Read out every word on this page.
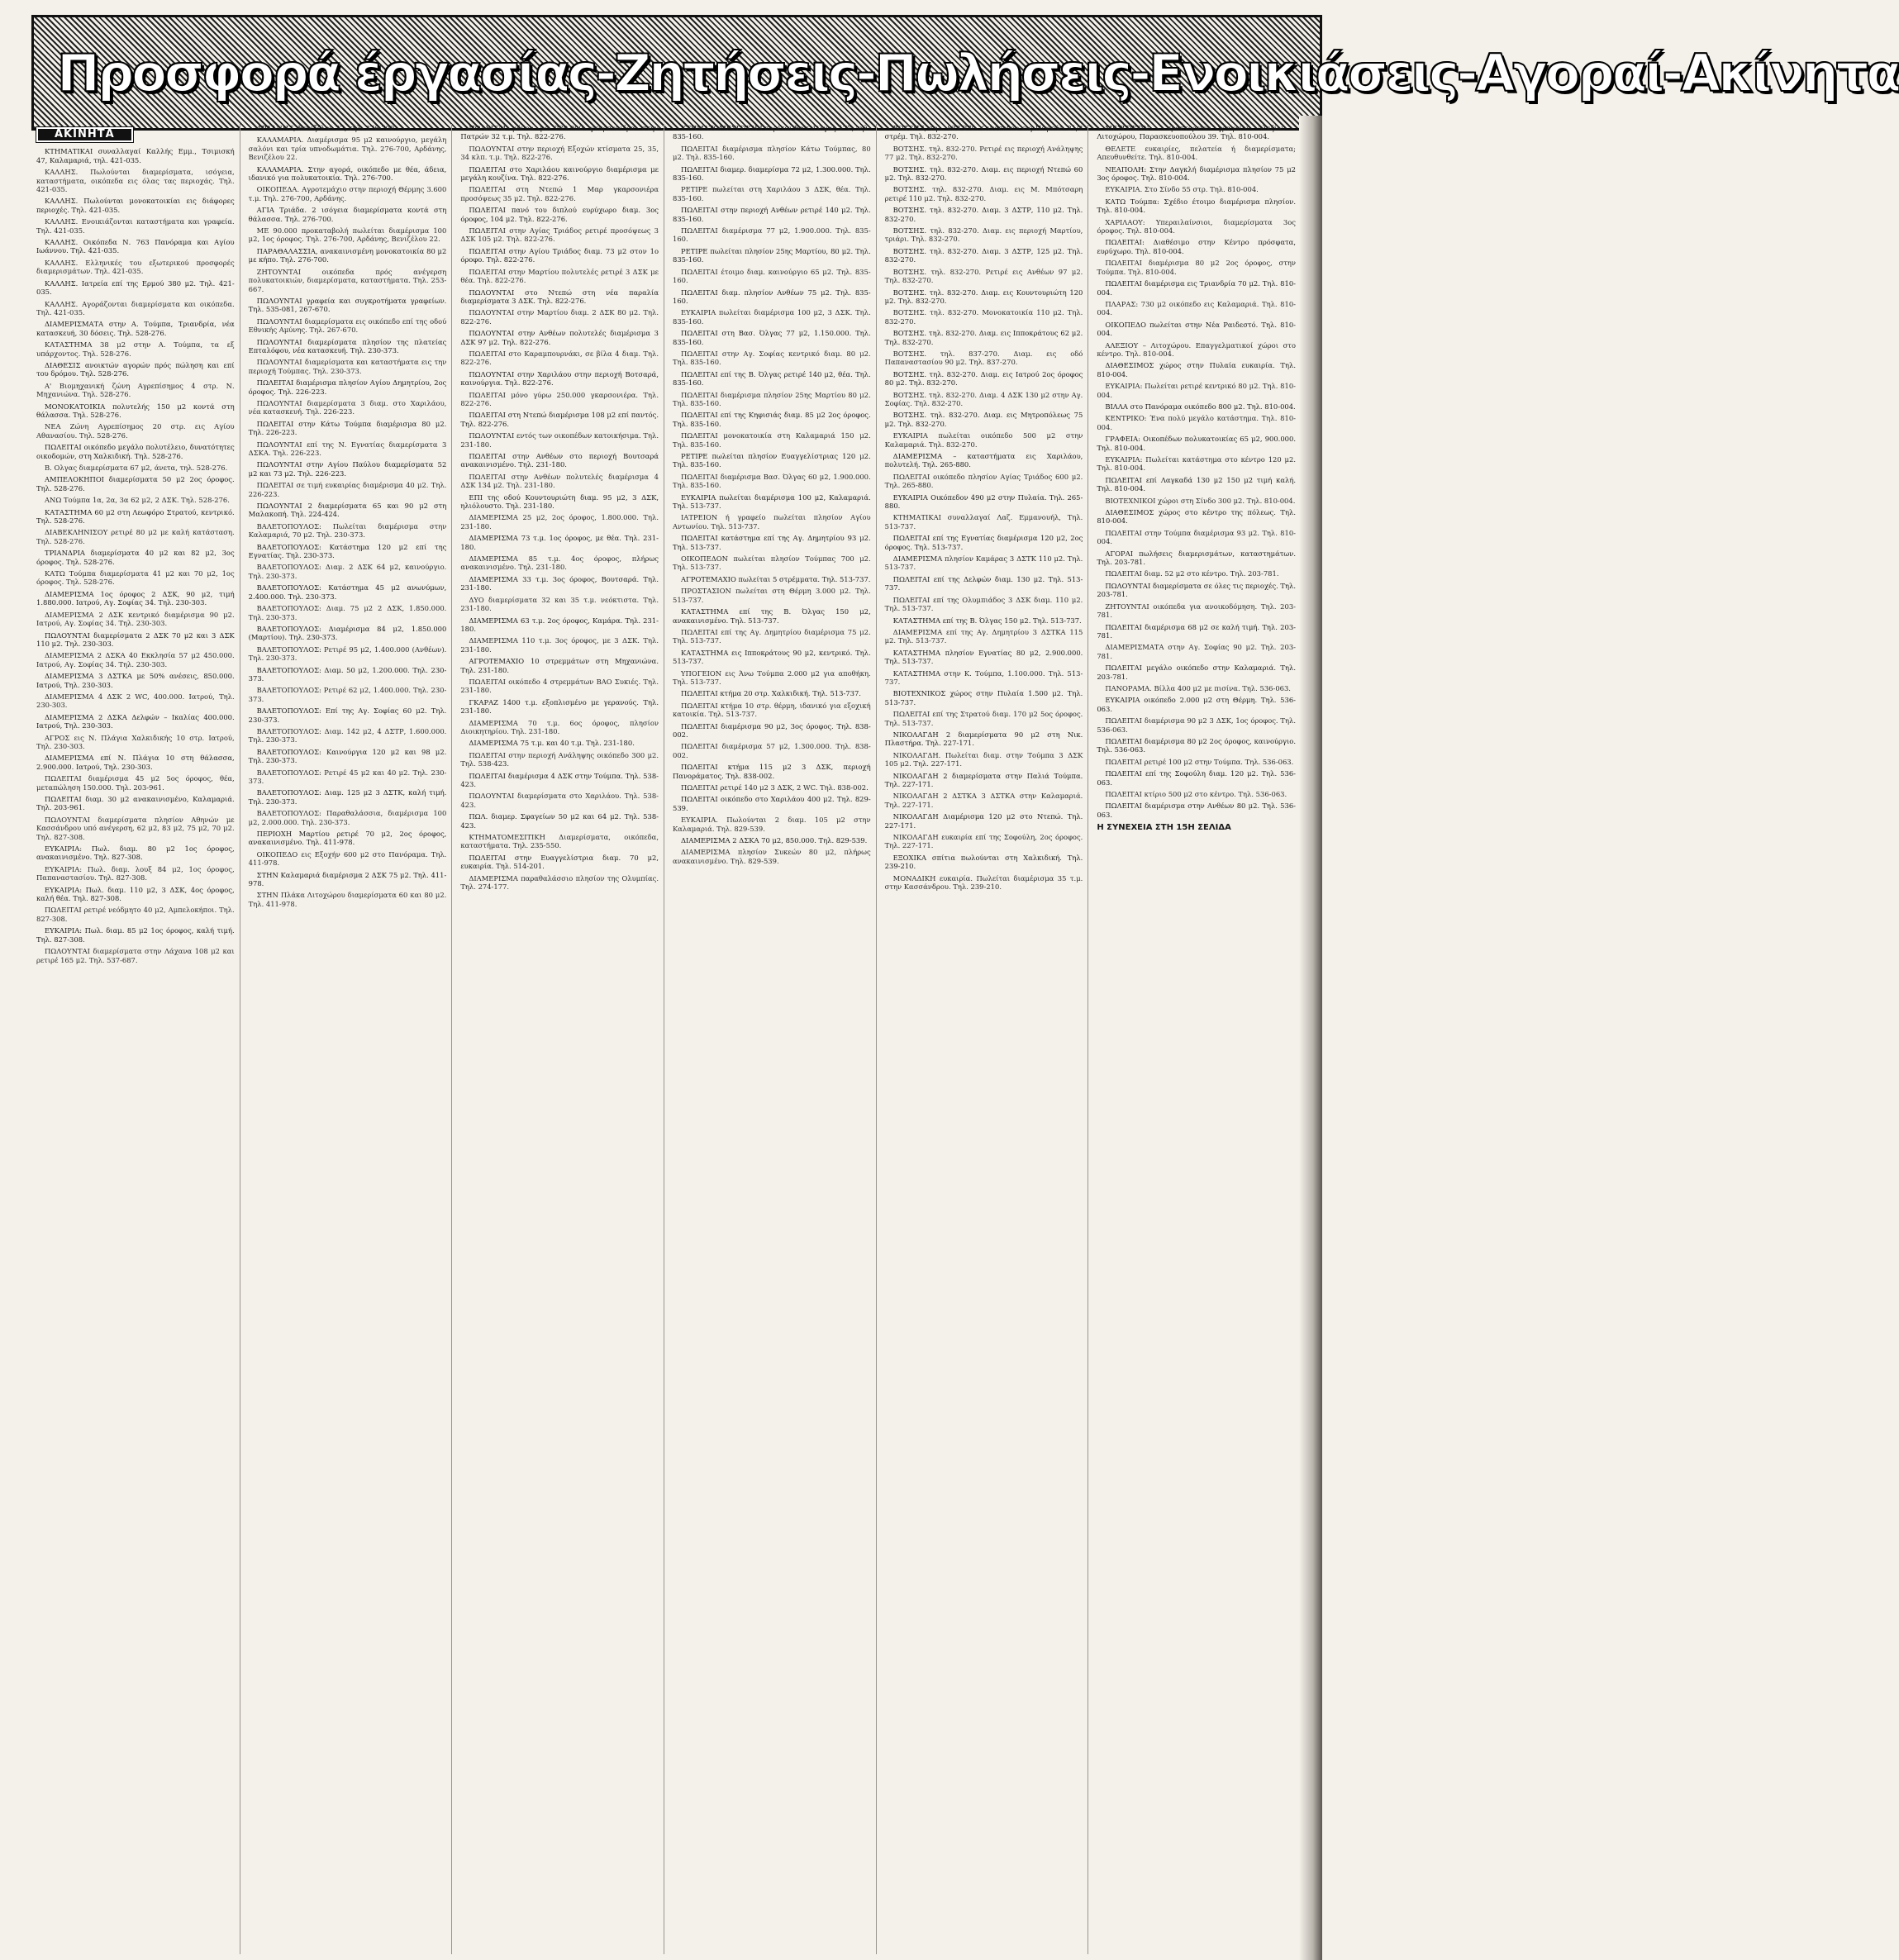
Προσφορά έργασίας-Ζητήσεις-Πωλήσεις-Ενοικιάσεις-Αγοραί-Ακίνητα
ΑΚΙΝΗΤΑ

ΚΤΗΜΑΤΙΚΑΙ συναλλαγαί Καλλής Εμμ., Τσιμισκή 47, Καλαμαριά, τηλ. 421-035.

ΚΑΛΛΗΣ. Πωλούνται διαμερίσματα, ισόγεια, καταστήματα, οικόπεδα εις όλας τας περιοχάς. Τηλ. 421-035.

ΚΑΛΛΗΣ. Πωλούνται μονοκατοικίαι εις διάφορες περιοχές. Τηλ. 421-035.

ΚΑΛΛΗΣ. Ενοικιάζονται καταστήματα και γραφεία. Τηλ. 421-035.

ΚΑΛΛΗΣ. Οικόπεδα Ν. 763 Πανόραμα και Αγίου Ιωάννου. Τηλ. 421-035.

ΚΑΛΛΗΣ. Ελληνικές του εξωτερικού προσφορές διαμερισμάτων. Τηλ. 421-035.

ΚΑΛΛΗΣ. Ιατρεία επί της Ερμού 380 μ2. Τηλ. 421-035.

ΚΑΛΛΗΣ. Αγοράζονται διαμερίσματα και οικόπεδα. Τηλ. 421-035.

ΔΙΑΜΕΡΙΣΜΑΤΑ στην Α. Τούμπα, Τριανδρία, νέα κατασκευή, 30 δόσεις. Τηλ. 528-276.

ΚΑΤΑΣΤΗΜΑ 38 μ2 στην Α. Τούμπα, τα εξ υπάρχοντος. Τηλ. 528-276.

ΔΙΑΘΕΣΙΣ ανοικτών αγορών πρός πώληση και επί του δρόμου. Τηλ. 528-276.

Α' Βιομηχανική ζώνη Αγρεπίσημος 4 στρ. Ν. Μηχανιώνα. Τηλ. 528-276.

ΜΟΝΟΚΑΤΟΙΚΙΑ πολυτελής 150 μ2 κοντά στη θάλασσα. Τηλ. 528-276.

ΝΕΑ Ζώνη Αγρεπίσημος 20 στρ. εις Αγίου Αθανασίου. Τηλ. 528-276.

ΠΩΛΕΙΤΑΙ οικόπεδο μεγάλο πολυτέλειο, δυνατότητες οικοδομών, στη Χαλκιδική. Τηλ. 528-276.

Β. Ολγας διαμερίσματα 67 μ2, άνετα, τηλ. 528-276.

ΑΜΠΕΛΟΚΗΠΟΙ διαμερίσματα 50 μ2 2ος όροφος. Τηλ. 528-276.

ΑΝΩ Τούμπα 1α, 2α, 3α 62 μ2, 2 ΔΣΚ. Τηλ. 528-276.

ΚΑΤΑΣΤΗΜΑ 60 μ2 στη Λεωφόρο Στρατού, κεντρικό. Τηλ. 528-276.

ΔΙΑΒΕΚΛΗΝΙΣΟΥ ρετιρέ 80 μ2 με καλή κατάσταση. Τηλ. 528-276.

ΤΡΙΑΝΔΡΙΑ διαμερίσματα 40 μ2 και 82 μ2, 3ος όροφος. Τηλ. 528-276.

ΚΑΤΩ Τούμπα διαμερίσματα 41 μ2 και 70 μ2, 1ος όροφος. Τηλ. 528-276.

ΔΙΑΜΕΡΙΣΜΑ 1ος όροφος 2 ΔΣΚ, 90 μ2, τιμή 1.880.000. Ιατρού, Αγ. Σοφίας 34. Τηλ. 230-303.

ΔΙΑΜΕΡΙΣΜΑ 2 ΔΣΚ κεντρικό διαμέρισμα 90 μ2. Ιατρού, Αγ. Σοφίας 34. Τηλ. 230-303.

ΠΩΛΟΥΝΤΑΙ διαμερίσματα 2 ΔΣΚ 70 μ2 και 3 ΔΣΚ 110 μ2. Τηλ. 230-303.

ΔΙΑΜΕΡΙΣΜΑ 2 ΔΣΚΑ 40 Εκκλησία 57 μ2 450.000. Ιατρού, Αγ. Σοφίας 34. Τηλ. 230-303.

ΔΙΑΜΕΡΙΣΜΑ 3 ΔΣΤΚΑ με 50% ανέσεις, 850.000. Ιατρού, Τηλ. 230-303.

ΔΙΑΜΕΡΙΣΜΑ 4 ΔΣΚ 2 WC, 400.000. Ιατρού, Τηλ. 230-303.

ΔΙΑΜΕΡΙΣΜΑ 2 ΔΣΚΑ Δελφών – Ικαλίας 400.000. Ιατρού, Τηλ. 230-303.

ΑΓΡΟΣ εις Ν. Πλάγια Χαλκιδικής 10 στρ. Ιατρού, Τηλ. 230-303.

ΔΙΑΜΕΡΙΣΜΑ επί Ν. Πλάγια 10 στη θάλασσα, 2.900.000. Ιατρού, Τηλ. 230-303.

ΠΩΛΕΙΤΑΙ διαμέρισμα 45 μ2 5ος όροφος, θέα, μεταπώληση 150.000. Τηλ. 203-961.

ΠΩΛΕΙΤΑΙ διαμ. 30 μ2 ανακαινισμένο, Καλαμαριά. Τηλ. 203-961.

ΠΩΛΟΥΝΤΑΙ διαμερίσματα πλησίον Αθηνών με Κασσάνδρου υπό ανέγερση, 62 μ2, 83 μ2, 75 μ2, 70 μ2. Τηλ. 827-308.

ΕΥΚΑΙΡΙΑ: Πωλ. διαμ. 80 μ2 1ος όροφος, ανακαινισμένο. Τηλ. 827-308.

ΕΥΚΑΙΡΙΑ: Πωλ. διαμ. λουξ 84 μ2, 1ος όροφος, Παπαναστασίου. Τηλ. 827-308.

ΕΥΚΑΙΡΙΑ: Πωλ. διαμ. 110 μ2, 3 ΔΣΚ, 4ος όροφος, καλή θέα. Τηλ. 827-308.

ΠΩΛΕΙΤΑΙ ρετιρέ νεόδμητο 40 μ2, Αμπελοκήποι. Τηλ. 827-308.

ΕΥΚΑΙΡΙΑ: Πωλ. διαμ. 85 μ2 1ος όροφος, καλή τιμή. Τηλ. 827-308.

ΠΩΛΟΥΝΤΑΙ διαμερίσματα στην Λάχανα 108 μ2 και ρετιρέ 165 μ2. Τηλ. 537-687.

ΑΡΔΑΝΗΣ, Βενιζέλου 22, τηλ. 276-700.

ΚΑΛΑΜΑΡΙΑ. Διαμέρισμα 95 μ2 καινούργιο, μεγάλη σαλόνι και τρία υπνοδωμάτια. Τηλ. 276-700, Αρδάνης, Βενιζέλου 22.

ΚΑΛΑΜΑΡΙΑ. Στην αγορά, οικόπεδο με θέα, άδεια, ιδανικό για πολυκατοικία. Τηλ. 276-700.

ΟΙΚΟΠΕΔΑ. Αγροτεμάχιο στην περιοχή Θέρμης 3.600 τ.μ. Τηλ. 276-700, Αρδάνης.

ΑΓΙΑ Τριάδα. 2 ισόγεια διαμερίσματα κοντά στη θάλασσα. Τηλ. 276-700.

ΜΕ 90.000 προκαταβολή πωλείται διαμέρισμα 100 μ2, 1ος όροφος. Τηλ. 276-700, Αρδάνης, Βενιζέλου 22.

ΠΑΡΑΘΑΛΑΣΣΙΑ, ανακαινισμένη μονοκατοικία 80 μ2 με κήπο. Τηλ. 276-700.

ΖΗΤΟΥΝΤΑΙ οικόπεδα πρός ανέγερση πολυκατοικιών, διαμερίσματα, καταστήματα. Τηλ. 253-667.

ΠΩΛΟΥΝΤΑΙ γραφεία και συγκροτήματα γραφείων. Τηλ. 535-081, 267-670.

ΠΩΛΟΥΝΤΑΙ διαμερίσματα εις οικόπεδο επί της οδού Εθνικής Αμύνης. Τηλ. 267-670.

ΠΩΛΟΥΝΤΑΙ διαμερίσματα πλησίον της πλατείας Επταλόφου, νέα κατασκευή. Τηλ. 230-373.

ΠΩΛΟΥΝΤΑΙ διαμερίσματα και καταστήματα εις την περιοχή Τούμπας. Τηλ. 230-373.

ΠΩΛΕΙΤΑΙ διαμέρισμα πλησίον Αγίου Δημητρίου, 2ος όροφος. Τηλ. 226-223.

ΠΩΛΟΥΝΤΑΙ διαμερίσματα 3 διαμ. στο Χαριλάου, νέα κατασκευή. Τηλ. 226-223.

ΠΩΛΕΙΤΑΙ στην Κάτω Τούμπα διαμέρισμα 80 μ2. Τηλ. 226-223.

ΠΩΛΟΥΝΤΑΙ επί της Ν. Εγνατίας διαμερίσματα 3 ΔΣΚΑ. Τηλ. 226-223.

ΠΩΛΟΥΝΤΑΙ στην Αγίου Παύλου διαμερίσματα 52 μ2 και 73 μ2. Τηλ. 226-223.

ΠΩΛΕΙΤΑΙ σε τιμή ευκαιρίας διαμέρισμα 40 μ2. Τηλ. 226-223.

ΠΩΛΟΥΝΤΑΙ 2 διαμερίσματα 65 και 90 μ2 στη Μαλακοπή. Τηλ. 224-424.

ΒΑΛΕΤΟΠΟΥΛΟΣ: Πωλείται διαμέρισμα στην Καλαμαριά, 70 μ2. Τηλ. 230-373.

ΒΑΛΕΤΟΠΟΥΛΟΣ: Κατάστημα 120 μ2 επί της Εγνατίας. Τηλ. 230-373.

ΒΑΛΕΤΟΠΟΥΛΟΣ: Διαμ. 2 ΔΣΚ 64 μ2, καινούργιο. Τηλ. 230-373.

ΒΑΛΕΤΟΠΟΥΛΟΣ: Κατάστημα 45 μ2 ανωνύμων, 2.400.000. Τηλ. 230-373.

ΒΑΛΕΤΟΠΟΥΛΟΣ: Διαμ. 75 μ2 2 ΔΣΚ, 1.850.000. Τηλ. 230-373.

ΒΑΛΕΤΟΠΟΥΛΟΣ: Διαμέρισμα 84 μ2, 1.850.000 (Μαρτίου). Τηλ. 230-373.

ΒΑΛΕΤΟΠΟΥΛΟΣ: Ρετιρέ 95 μ2, 1.400.000 (Ανθέων). Τηλ. 230-373.

ΒΑΛΕΤΟΠΟΥΛΟΣ: Διαμ. 50 μ2, 1.200.000. Τηλ. 230-373.

ΒΑΛΕΤΟΠΟΥΛΟΣ: Ρετιρέ 62 μ2, 1.400.000. Τηλ. 230-373.

ΒΑΛΕΤΟΠΟΥΛΟΣ: Επί της Αγ. Σοφίας 60 μ2. Τηλ. 230-373.

ΒΑΛΕΤΟΠΟΥΛΟΣ: Διαμ. 142 μ2, 4 ΔΣΤΡ, 1.600.000. Τηλ. 230-373.

ΒΑΛΕΤΟΠΟΥΛΟΣ: Καινούργια 120 μ2 και 98 μ2. Τηλ. 230-373.

ΒΑΛΕΤΟΠΟΥΛΟΣ: Ρετιρέ 45 μ2 και 40 μ2. Τηλ. 230-373.

ΒΑΛΕΤΟΠΟΥΛΟΣ: Διαμ. 125 μ2 3 ΔΣΤΚ, καλή τιμή. Τηλ. 230-373.

ΒΑΛΕΤΟΠΟΥΛΟΣ: Παραθαλάσσια, διαμέρισμα 100 μ2, 2.000.000. Τηλ. 230-373.

ΠΕΡΙΟΧΗ Μαρτίου ρετιρέ 70 μ2, 2ος όροφος, ανακαινισμένο. Τηλ. 411-978.

ΟΙΚΟΠΕΔΟ εις Εξοχήν 600 μ2 στο Πανόραμα. Τηλ. 411-978.

ΣΤΗΝ Καλαμαριά διαμέρισμα 2 ΔΣΚ 75 μ2. Τηλ. 411-978.

ΣΤΗΝ Πλάκα Λιτοχώρου διαμερίσματα 60 και 80 μ2. Τηλ. 411-978.

ΠΩΛΕΙΤΑΙ μόνον με 230.000 γκαρσονιέρα στην Πατρών 32 τ.μ. Τηλ. 822-276.

ΠΩΛΟΥΝΤΑΙ στην περιοχή Εξοχών κτίσματα 25, 35, 34 κλπ. τ.μ. Τηλ. 822-276.

ΠΩΛΕΙΤΑΙ στο Χαριλάου καινούργιο διαμέρισμα με μεγάλη κουζίνα. Τηλ. 822-276.

ΠΩΛΕΙΤΑΙ στη Ντεπώ 1 Μαρ γκαρσονιέρα προσόψεως 35 μ2. Τηλ. 822-276.

ΠΩΛΕΙΤΑΙ πανό του διπλού ευρύχωρο διαμ. 3ος όροφος, 104 μ2. Τηλ. 822-276.

ΠΩΛΕΙΤΑΙ στην Αγίας Τριάδος ρετιρέ προσόψεως 3 ΔΣΚ 105 μ2. Τηλ. 822-276.

ΠΩΛΕΙΤΑΙ στην Αγίου Τριάδος διαμ. 73 μ2 στον 1ο όροφο. Τηλ. 822-276.

ΠΩΛΕΙΤΑΙ στην Μαρτίου πολυτελές ρετιρέ 3 ΔΣΚ με θέα. Τηλ. 822-276.

ΠΩΛΟΥΝΤΑΙ στο Ντεπώ στη νέα παραλία διαμερίσματα 3 ΔΣΚ. Τηλ. 822-276.

ΠΩΛΟΥΝΤΑΙ στην Μαρτίου διαμ. 2 ΔΣΚ 80 μ2. Τηλ. 822-276.

ΠΩΛΟΥΝΤΑΙ στην Ανθέων πολυτελές διαμέρισμα 3 ΔΣΚ 97 μ2. Τηλ. 822-276.

ΠΩΛΕΙΤΑΙ στο Καραμπουρνάκι, σε βίλα 4 διαμ. Τηλ. 822-276.

ΠΩΛΟΥΝΤΑΙ στην Χαριλάου στην περιοχή Βοτσαρά, καινούργια. Τηλ. 822-276.

ΠΩΛΕΙΤΑΙ μόνο γύρω 250.000 γκαρσονιέρα. Τηλ. 822-276.

ΠΩΛΕΙΤΑΙ στη Ντεπώ διαμέρισμα 108 μ2 επί παντός. Τηλ. 822-276.

ΠΩΛΟΥΝΤΑΙ εντός των οικοπέδων κατοικήσιμα. Τηλ. 231-180.

ΠΩΛΕΙΤΑΙ στην Ανθέων στο περιοχή Βουτσαρά ανακαινισμένο. Τηλ. 231-180.

ΠΩΛΕΙΤΑΙ στην Ανθέων πολυτελές διαμέρισμα 4 ΔΣΚ 134 μ2. Τηλ. 231-180.

ΕΠΙ της οδού Κουντουριώτη διαμ. 95 μ2, 3 ΔΣΚ, ηλιόλουστο. Τηλ. 231-180.

ΔΙΑΜΕΡΙΣΜΑ 25 μ2, 2ος όροφος, 1.800.000. Τηλ. 231-180.

ΔΙΑΜΕΡΙΣΜΑ 73 τ.μ. 1ος όροφος, με θέα. Τηλ. 231-180.

ΔΙΑΜΕΡΙΣΜΑ 85 τ.μ. 4ος όροφος, πλήρως ανακαινισμένο. Τηλ. 231-180.

ΔΙΑΜΕΡΙΣΜΑ 33 τ.μ. 3ος όροφος, Βουτσαρά. Τηλ. 231-180.

ΔΥΟ διαμερίσματα 32 και 35 τ.μ. νεόκτιστα. Τηλ. 231-180.

ΔΙΑΜΕΡΙΣΜΑ 63 τ.μ. 2ος όροφος, Καμάρα. Τηλ. 231-180.

ΔΙΑΜΕΡΙΣΜΑ 110 τ.μ. 3ος όροφος, με 3 ΔΣΚ. Τηλ. 231-180.

ΑΓΡΟΤΕΜΑΧΙΟ 10 στρεμμάτων στη Μηχανιώνα. Τηλ. 231-180.

ΠΩΛΕΙΤΑΙ οικόπεδο 4 στρεμμάτων ΒΑΟ Συκιές. Τηλ. 231-180.

ΓΚΑΡΑΖ 1400 τ.μ. εξοπλισμένο με γερανούς. Τηλ. 231-180.

ΔΙΑΜΕΡΙΣΜΑ 70 τ.μ. 6ος όροφος, πλησίον Διοικητηρίου. Τηλ. 231-180.

ΔΙΑΜΕΡΙΣΜΑ 75 τ.μ. και 40 τ.μ. Τηλ. 231-180.

ΠΩΛΕΙΤΑΙ στην περιοχή Ανάληψης οικόπεδο 300 μ2. Τηλ. 538-423.

ΠΩΛΕΙΤΑΙ διαμέρισμα 4 ΔΣΚ στην Τούμπα. Τηλ. 538-423.

ΠΩΛΟΥΝΤΑΙ διαμερίσματα στο Χαριλάου. Τηλ. 538-423.

ΠΩΛ. διαμερ. Σφαγείων 50 μ2 και 64 μ2. Τηλ. 538-423.

ΚΤΗΜΑΤΟΜΕΣΙΤΙΚΗ Διαμερίσματα, οικόπεδα, καταστήματα. Τηλ. 235-550.

ΠΩΛΕΙΤΑΙ στην Ευαγγελίστρια διαμ. 70 μ2, ευκαιρία. Τηλ. 514-201.

ΔΙΑΜΕΡΙΣΜΑ παραθαλάσσιο πλησίον της Ολυμπίας. Τηλ. 274-177.

ΚΤΗΜΑΤΟΜΕΣΙΤΙΚΗ Γκορέτσι Βασ. Όλγας 177, τηλ. 835-160.

ΠΩΛΕΙΤΑΙ διαμέρισμα πλησίον Κάτω Τούμπας, 80 μ2. Τηλ. 835-160.

ΠΩΛΕΙΤΑΙ διαμερ. διαμερίσμα 72 μ2, 1.300.000. Τηλ. 835-160.

ΡΕΤΙΡΕ πωλείται στη Χαριλάου 3 ΔΣΚ, θέα. Τηλ. 835-160.

ΠΩΛΕΙΤΑΙ στην περιοχή Ανθέων ρετιρέ 140 μ2. Τηλ. 835-160.

ΠΩΛΕΙΤΑΙ διαμέρισμα 77 μ2, 1.900.000. Τηλ. 835-160.

ΡΕΤΙΡΕ πωλείται πλησίον 25ης Μαρτίου, 80 μ2. Τηλ. 835-160.

ΠΩΛΕΙΤΑΙ έτοιμο διαμ. καινούργιο 65 μ2. Τηλ. 835-160.

ΠΩΛΕΙΤΑΙ διαμ. πλησίον Ανθέων 75 μ2. Τηλ. 835-160.

ΕΥΚΑΙΡΙΑ πωλείται διαμέρισμα 100 μ2, 3 ΔΣΚ. Τηλ. 835-160.

ΠΩΛΕΙΤΑΙ στη Βασ. Όλγας 77 μ2, 1.150.000. Τηλ. 835-160.

ΠΩΛΕΙΤΑΙ στην Αγ. Σοφίας κεντρικό διαμ. 80 μ2. Τηλ. 835-160.

ΠΩΛΕΙΤΑΙ επί της Β. Όλγας ρετιρέ 140 μ2, θέα. Τηλ. 835-160.

ΠΩΛΕΙΤΑΙ διαμέρισμα πλησίον 25ης Μαρτίου 80 μ2. Τηλ. 835-160.

ΠΩΛΕΙΤΑΙ επί της Κηφισιάς διαμ. 85 μ2 2ος όροφος. Τηλ. 835-160.

ΠΩΛΕΙΤΑΙ μονοκατοικία στη Καλαμαριά 150 μ2. Τηλ. 835-160.

ΡΕΤΙΡΕ πωλείται πλησίον Ευαγγελίστριας 120 μ2. Τηλ. 835-160.

ΠΩΛΕΙΤΑΙ διαμέρισμα Βασ. Όλγας 60 μ2, 1.900.000. Τηλ. 835-160.

ΕΥΚΑΙΡΙΑ πωλείται διαμέρισμα 100 μ2, Καλαμαριά. Τηλ. 513-737.

ΙΑΤΡΕΙΟΝ ή γραφείο πωλείται πλησίον Αγίου Αντωνίου. Τηλ. 513-737.

ΠΩΛΕΙΤΑΙ κατάστημα επί της Αγ. Δημητρίου 93 μ2. Τηλ. 513-737.

ΟΙΚΟΠΕΔΟΝ πωλείται πλησίον Τούμπας 700 μ2. Τηλ. 513-737.

ΑΓΡΟΤΕΜΑΧΙΟ πωλείται 5 στρέμματα. Τηλ. 513-737.

ΠΡΟΣΤΑΣΙΟΝ πωλείται στη Θέρμη 3.000 μ2. Τηλ. 513-737.

ΚΑΤΑΣΤΗΜΑ επί της Β. Όλγας 150 μ2, ανακαινισμένο. Τηλ. 513-737.

ΠΩΛΕΙΤΑΙ επί της Αγ. Δημητρίου διαμέρισμα 75 μ2. Τηλ. 513-737.

ΚΑΤΑΣΤΗΜΑ εις Ιπποκράτους 90 μ2, κεντρικό. Τηλ. 513-737.

ΥΠΟΓΕΙΟΝ εις Άνω Τούμπα 2.000 μ2 για αποθήκη. Τηλ. 513-737.

ΠΩΛΕΙΤΑΙ κτήμα 20 στρ. Χαλκιδική. Τηλ. 513-737.

ΠΩΛΕΙΤΑΙ κτήμα 10 στρ. θέρμη, ιδανικό για εξοχική κατοικία. Τηλ. 513-737.

ΠΩΛΕΙΤΑΙ διαμέρισμα 90 μ2, 3ος όροφος. Τηλ. 838-002.

ΠΩΛΕΙΤΑΙ διαμέρισμα 57 μ2, 1.300.000. Τηλ. 838-002.

ΠΩΛΕΙΤΑΙ κτήμα 115 μ2 3 ΔΣΚ, περιοχή Πανοράματος. Τηλ. 838-002.

ΠΩΛΕΙΤΑΙ ρετιρέ 140 μ2 3 ΔΣΚ, 2 WC. Τηλ. 838-002.

ΠΩΛΕΙΤΑΙ οικόπεδο στο Χαριλάου 400 μ2. Τηλ. 829-539.

ΕΥΚΑΙΡΙΑ. Πωλούνται 2 διαμ. 105 μ2 στην Καλαμαριά. Τηλ. 829-539.

ΔΙΑΜΕΡΙΣΜΑ 2 ΔΣΚΑ 70 μ2, 850.000. Τηλ. 829-539.

ΔΙΑΜΕΡΙΣΜΑ πλησίον Συκεών 80 μ2, πλήρως ανακαινισμένο. Τηλ. 829-539.

ΒΟΤΣΗΣ, τηλ. 832-270. Οικόπεδον εις Πεφκών 21/2 στρέμ. Τηλ. 832-270.

ΒΟΤΣΗΣ. τηλ. 832-270. Ρετιρέ εις περιοχή Ανάληψης 77 μ2. Τηλ. 832-270.

ΒΟΤΣΗΣ. τηλ. 832-270. Διαμ. εις περιοχή Ντεπώ 60 μ2. Τηλ. 832-270.

ΒΟΤΣΗΣ. τηλ. 832-270. Διαμ. εις Μ. Μπότσαρη ρετιρέ 110 μ2. Τηλ. 832-270.

ΒΟΤΣΗΣ. τηλ. 832-270. Διαμ. 3 ΔΣΤΡ, 110 μ2. Τηλ. 832-270.

ΒΟΤΣΗΣ. τηλ. 832-270. Διαμ. εις περιοχή Μαρτίου, τριάρι. Τηλ. 832-270.

ΒΟΤΣΗΣ. τηλ. 832-270. Διαμ. 3 ΔΣΤΡ, 125 μ2. Τηλ. 832-270.

ΒΟΤΣΗΣ. τηλ. 832-270. Ρετιρέ εις Ανθέων 97 μ2. Τηλ. 832-270.

ΒΟΤΣΗΣ. τηλ. 832-270. Διαμ. εις Κουντουριώτη 120 μ2. Τηλ. 832-270.

ΒΟΤΣΗΣ. τηλ. 832-270. Μονοκατοικία 110 μ2. Τηλ. 832-270.

ΒΟΤΣΗΣ. τηλ. 832-270. Διαμ. εις Ιπποκράτους 62 μ2. Τηλ. 832-270.

ΒΟΤΣΗΣ. τηλ. 837-270. Διαμ. εις οδό Παπαναστασίου 90 μ2. Τηλ. 837-270.

ΒΟΤΣΗΣ. τηλ. 832-270. Διαμ. εις Ιατρού 2ος όροφος 80 μ2. Τηλ. 832-270.

ΒΟΤΣΗΣ. τηλ. 832-270. Διαμ. 4 ΔΣΚ 130 μ2 στην Αγ. Σοφίας. Τηλ. 832-270.

ΒΟΤΣΗΣ. τηλ. 832-270. Διαμ. εις Μητροπόλεως 75 μ2. Τηλ. 832-270.

ΕΥΚΑΙΡΙΑ πωλείται οικόπεδο 500 μ2 στην Καλαμαριά. Τηλ. 832-270.

ΔΙΑΜΕΡΙΣΜΑ – καταστήματα εις Χαριλάου, πολυτελή. Τηλ. 265-880.

ΠΩΛΕΙΤΑΙ οικόπεδο πλησίον Αγίας Τριάδος 600 μ2. Τηλ. 265-880.

ΕΥΚΑΙΡΙΑ Οικόπεδον 490 μ2 στην Πυλαία. Τηλ. 265-880.

ΚΤΗΜΑΤΙΚΑΙ συναλλαγαί Λαζ. Εμμανουήλ, Τηλ. 513-737.

ΠΩΛΕΙΤΑΙ επί της Εγνατίας διαμέρισμα 120 μ2, 2ος όροφος. Τηλ. 513-737.

ΔΙΑΜΕΡΙΣΜΑ πλησίον Καμάρας 3 ΔΣΤΚ 110 μ2. Τηλ. 513-737.

ΠΩΛΕΙΤΑΙ επί της Δελφών διαμ. 130 μ2. Τηλ. 513-737.

ΠΩΛΕΙΤΑΙ επί της Ολυμπιάδος 3 ΔΣΚ διαμ. 110 μ2. Τηλ. 513-737.

ΚΑΤΑΣΤΗΜΑ επί της Β. Όλγας 150 μ2. Τηλ. 513-737.

ΔΙΑΜΕΡΙΣΜΑ επί της Αγ. Δημητρίου 3 ΔΣΤΚΑ 115 μ2. Τηλ. 513-737.

ΚΑΤΑΣΤΗΜΑ πλησίον Εγνατίας 80 μ2, 2.900.000. Τηλ. 513-737.

ΚΑΤΑΣΤΗΜΑ στην Κ. Τούμπα, 1.100.000. Τηλ. 513-737.

ΒΙΟΤΕΧΝΙΚΟΣ χώρος στην Πυλαία 1.500 μ2. Τηλ. 513-737.

ΠΩΛΕΙΤΑΙ επί της Στρατού διαμ. 170 μ2 5ος όροφος. Τηλ. 513-737.

ΝΙΚΟΛΑΓΔΗ 2 διαμερίσματα 90 μ2 στη Νικ. Πλαστήρα. Τηλ. 227-171.

ΝΙΚΟΛΑΓΔΗ. Πωλείται διαμ. στην Τούμπα 3 ΔΣΚ 105 μ2. Τηλ. 227-171.

ΝΙΚΟΛΑΓΔΗ 2 διαμερίσματα στην Παλιά Τούμπα. Τηλ. 227-171.

ΝΙΚΟΛΑΓΔΗ 2 ΔΣΤΚΑ 3 ΔΣΤΚΑ στην Καλαμαριά. Τηλ. 227-171.

ΝΙΚΟΛΑΓΔΗ Διαμέρισμα 120 μ2 στο Ντεπώ. Τηλ. 227-171.

ΝΙΚΟΛΑΓΔΗ ευκαιρία επί της Σοφούλη, 2ος όροφος. Τηλ. 227-171.

ΕΞΟΧΙΚΑ σπίτια πωλούνται στη Χαλκιδική. Τηλ. 239-210.

ΜΟΝΑΔΙΚΗ ευκαιρία. Πωλείται διαμέρισμα 35 τ.μ. στην Κασσάνδρου. Τηλ. 239-210.

ΜΕΣΙΤΙΚΟΝ – πρακτορείον γραφείον Αλεξίου – Λιτοχώρου, Παρασκευοπούλου 39. Τηλ. 810-004.

ΘΕΛΕΤΕ ευκαιρίες, πελατεία ή διαμερίσματα; Απευθυνθείτε. Τηλ. 810-004.

ΝΕΑΠΟΛΗ: Στην Δαγκλή διαμέρισμα πλησίον 75 μ2 3ος όροφος. Τηλ. 810-004.

ΕΥΚΑΙΡΙΑ. Στο Σίνδο 55 στρ. Τηλ. 810-004.

ΚΑΤΩ Τούμπα: Σχέδιο έτοιμο διαμέρισμα πλησίον. Τηλ. 810-004.

ΧΑΡΙΛΑΟΥ: Υπεραιλαίνσιοι, διαμερίσματα 3ος όροφος. Τηλ. 810-004.

ΠΩΛΕΙΤΑΙ: Διαθέσιμο στην Κέντρο πρόσφατα, ευρύχωρο. Τηλ. 810-004.

ΠΩΛΕΙΤΑΙ διαμέρισμα 80 μ2 2ος όροφος, στην Τούμπα. Τηλ. 810-004.

ΠΩΛΕΙΤΑΙ διαμέρισμα εις Τριανδρία 70 μ2. Τηλ. 810-004.

ΠΛΑΡΑΣ: 730 μ2 οικόπεδο εις Καλαμαριά. Τηλ. 810-004.

ΟΙΚΟΠΕΔΟ πωλείται στην Νέα Ραιδεστό. Τηλ. 810-004.

ΑΛΕΞΙΟΥ – Λιτοχώρου. Επαγγελματικοί χώροι στο κέντρο. Τηλ. 810-004.

ΔΙΑΘΕΣΙΜΟΣ χώρος στην Πυλαία ευκαιρία. Τηλ. 810-004.

ΕΥΚΑΙΡΙΑ: Πωλείται ρετιρέ κεντρικό 80 μ2. Τηλ. 810-004.

ΒΙΛΛΑ στο Πανόραμα οικόπεδο 800 μ2. Τηλ. 810-004.

ΚΕΝΤΡΙΚΟ: Ένα πολύ μεγάλο κατάστημα. Τηλ. 810-004.

ΓΡΑΦΕΙΑ: Οικοπέδων πολυκατοικίας 65 μ2, 900.000. Τηλ. 810-004.

ΕΥΚΑΙΡΙΑ: Πωλείται κατάστημα στο κέντρο 120 μ2. Τηλ. 810-004.

ΠΩΛΕΙΤΑΙ επί Λαγκαδά 130 μ2 150 μ2 τιμή καλή. Τηλ. 810-004.

ΒΙΟΤΕΧΝΙΚΟΙ χώροι στη Σίνδο 300 μ2. Τηλ. 810-004.

ΔΙΑΘΕΣΙΜΟΣ χώρος στο κέντρο της πόλεως. Τηλ. 810-004.

ΠΩΛΕΙΤΑΙ στην Τούμπα διαμέρισμα 93 μ2. Τηλ. 810-004.

ΑΓΟΡΑΙ πωλήσεις διαμερισμάτων, καταστημάτων. Τηλ. 203-781.

ΠΩΛΕΙΤΑΙ διαμ. 52 μ2 στο κέντρο. Τηλ. 203-781.

ΠΩΛΟΥΝΤΑΙ διαμερίσματα σε όλες τις περιοχές. Τηλ. 203-781.

ΖΗΤΟΥΝΤΑΙ οικόπεδα για ανοικοδόμηση. Τηλ. 203-781.

ΠΩΛΕΙΤΑΙ διαμέρισμα 68 μ2 σε καλή τιμή. Τηλ. 203-781.

ΔΙΑΜΕΡΙΣΜΑΤΑ στην Αγ. Σοφίας 90 μ2. Τηλ. 203-781.

ΠΩΛΕΙΤΑΙ μεγάλο οικόπεδο στην Καλαμαριά. Τηλ. 203-781.

ΠΑΝΟΡΑΜΑ. Βίλλα 400 μ2 με πισίνα. Τηλ. 536-063.

ΕΥΚΑΙΡΙΑ οικόπεδο 2.000 μ2 στη Θέρμη. Τηλ. 536-063.

ΠΩΛΕΙΤΑΙ διαμέρισμα 90 μ2 3 ΔΣΚ, 1ος όροφος. Τηλ. 536-063.

ΠΩΛΕΙΤΑΙ διαμέρισμα 80 μ2 2ος όροφος, καινούργιο. Τηλ. 536-063.

ΠΩΛΕΙΤΑΙ ρετιρέ 100 μ2 στην Τούμπα. Τηλ. 536-063.

ΠΩΛΕΙΤΑΙ επί της Σοφούλη διαμ. 120 μ2. Τηλ. 536-063.

ΠΩΛΕΙΤΑΙ κτίριο 500 μ2 στο κέντρο. Τηλ. 536-063.

ΠΩΛΕΙΤΑΙ διαμέρισμα στην Ανθέων 80 μ2. Τηλ. 536-063.

Η ΣΥΝΕΧΕΙΑ ΣΤΗ 15Η ΣΕΛΙΔΑ
